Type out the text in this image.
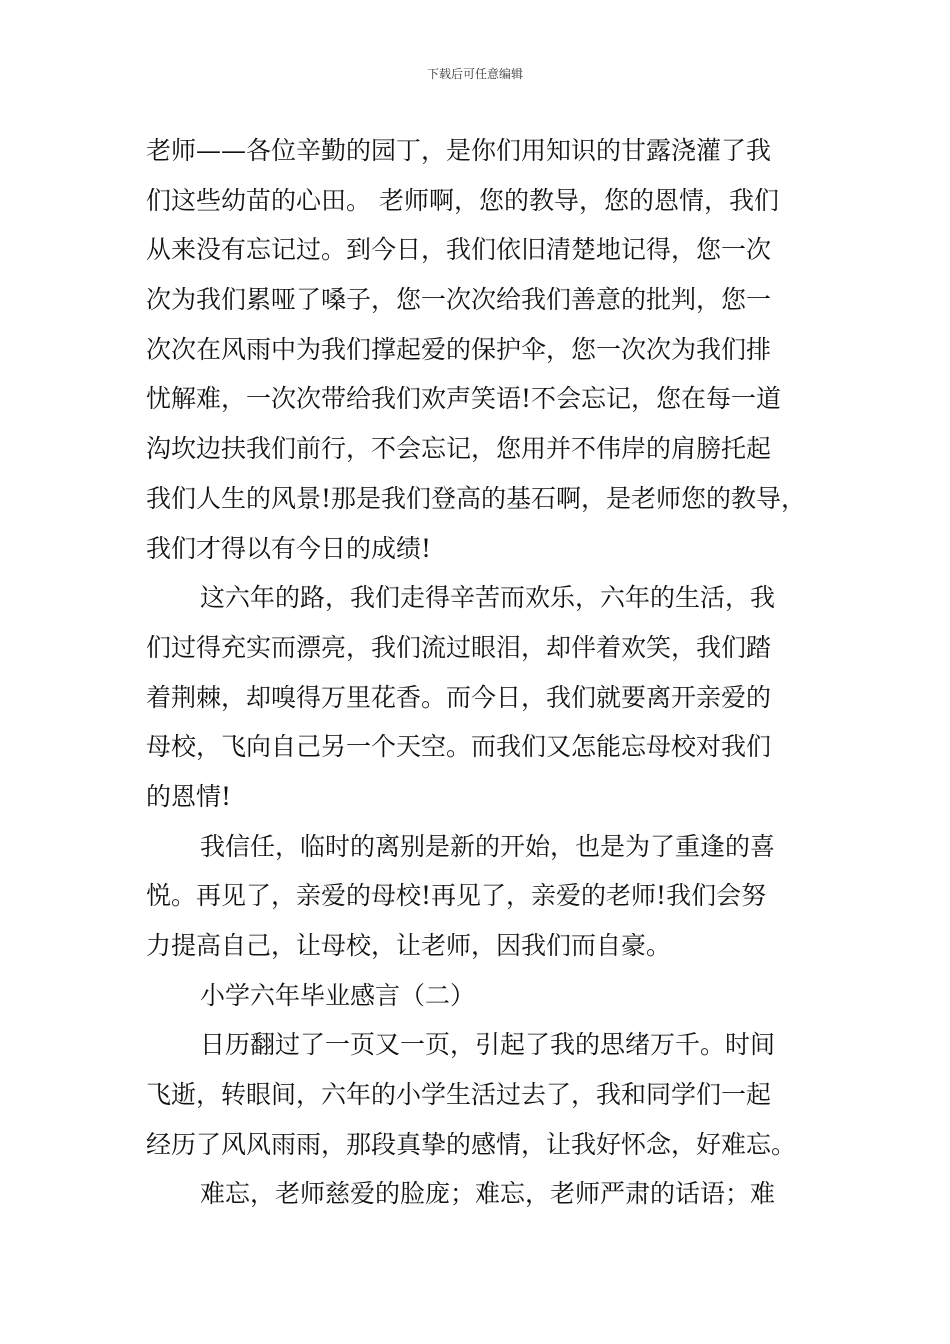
下载后可任意编辑
老师——各位辛勤的园丁，是你们用知识的甘露浇灌了我
们这些幼苗的心田。 老师啊，您的教导，您的恩情，我们
从来没有忘记过。到今日，我们依旧清楚地记得，您一次
次为我们累哑了嗓子，您一次次给我们善意的批判，您一
次次在风雨中为我们撑起爱的保护伞，您一次次为我们排
忧解难，一次次带给我们欢声笑语!不会忘记，您在每一道
沟坎边扶我们前行，不会忘记，您用并不伟岸的肩膀托起
我们人生的风景!那是我们登高的基石啊，是老师您的教导，
我们才得以有今日的成绩!
这六年的路，我们走得辛苦而欢乐，六年的生活，我
们过得充实而漂亮，我们流过眼泪，却伴着欢笑，我们踏
着荆棘，却嗅得万里花香。而今日，我们就要离开亲爱的
母校，飞向自己另一个天空。而我们又怎能忘母校对我们
的恩情!
我信任，临时的离别是新的开始，也是为了重逢的喜
悦。再见了，亲爱的母校!再见了，亲爱的老师!我们会努
力提高自己，让母校，让老师，因我们而自豪。
小学六年毕业感言（二）
日历翻过了一页又一页，引起了我的思绪万千。时间
飞逝，转眼间，六年的小学生活过去了，我和同学们一起
经历了风风雨雨，那段真挚的感情，让我好怀念，好难忘。
难忘，老师慈爱的脸庞；难忘，老师严肃的话语；难
